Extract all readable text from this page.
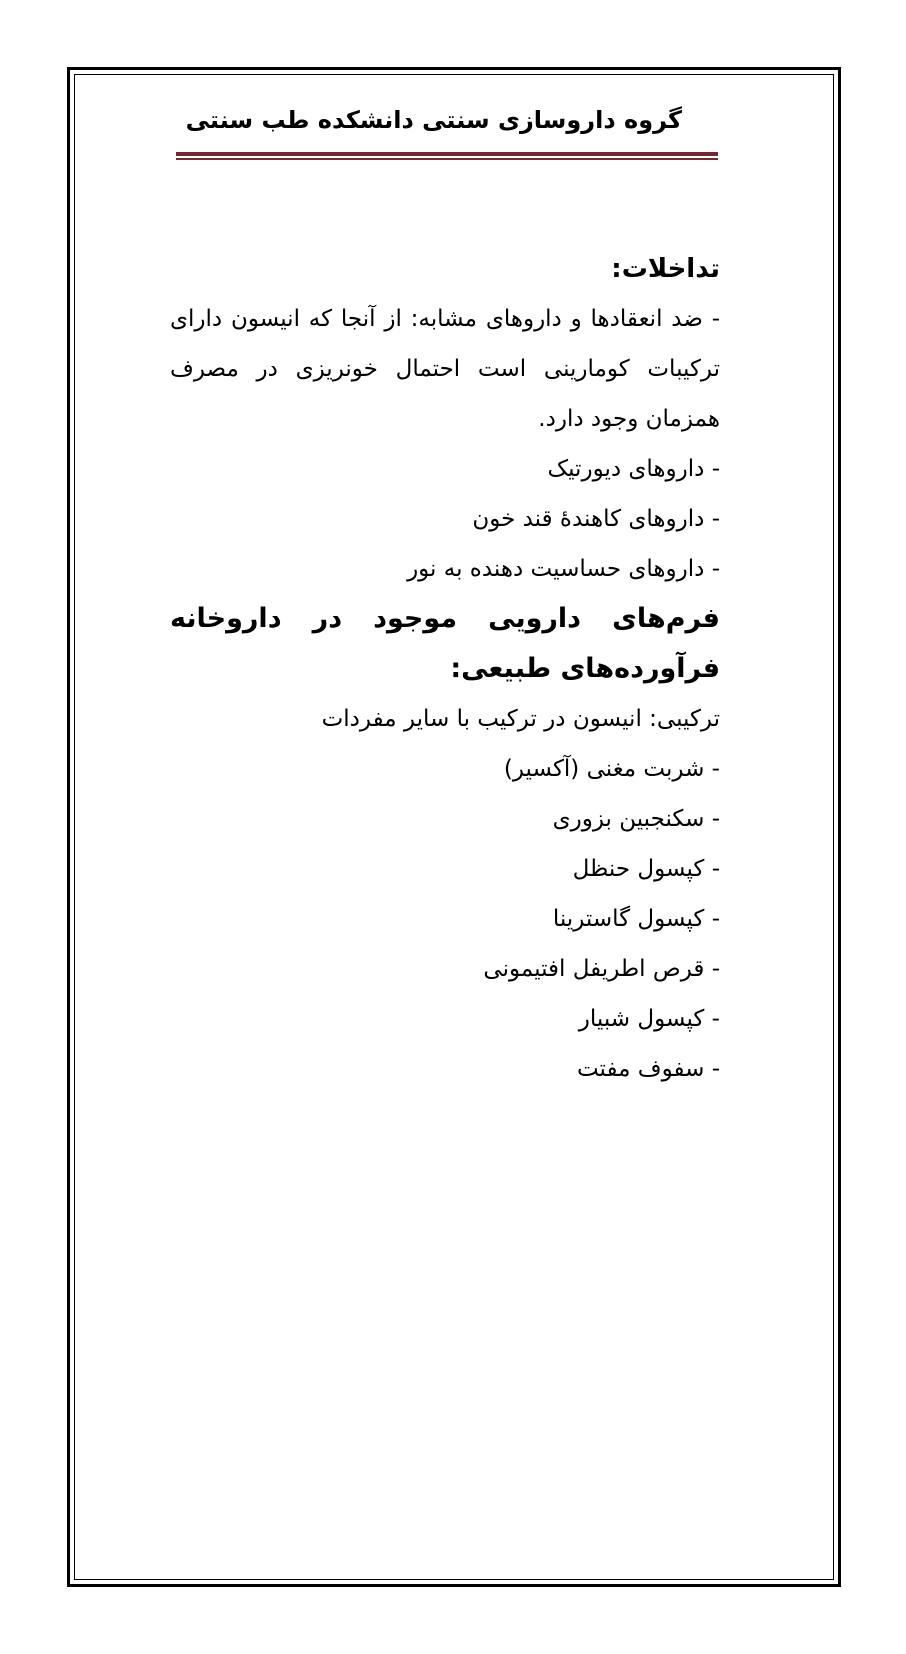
گروه داروسازی سنتی دانشکده طب سنتی
تداخلات:
- ضد انعقادها و داروهای مشابه: از آنجا که انیسون دارای ترکیبات کومارینی است احتمال خونریزی در مصرف همزمان وجود دارد.
- داروهای دیورتیک
- داروهای کاهندهٔ قند خون
- داروهای حساسیت دهنده به نور
فرم‌های دارویی موجود در داروخانه فرآورده‌های طبیعی:
ترکیبی: انیسون در ترکیب با سایر مفردات
- شربت مغنی (آکسیر)
- سکنجبین بزوری
- کپسول حنظل
- کپسول گاسترینا
- قرص اطریفل افتیمونی
- کپسول شبیار
- سفوف مفتت
